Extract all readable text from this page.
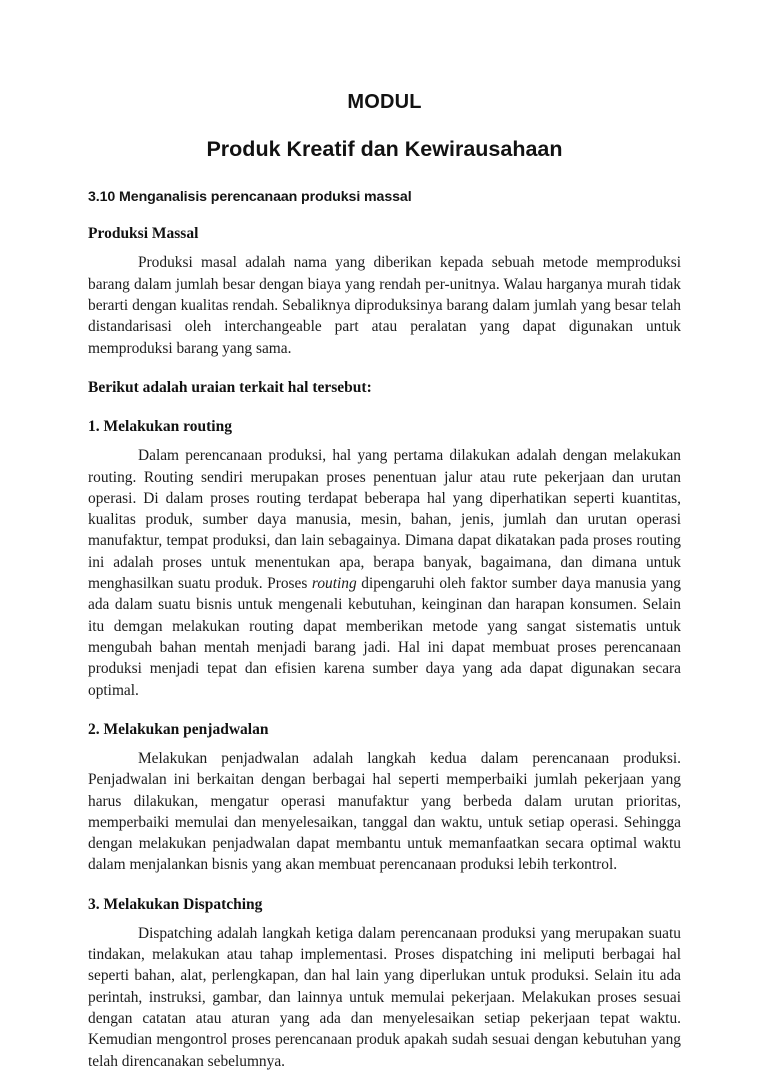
MODUL
Produk Kreatif dan Kewirausahaan
3.10 Menganalisis perencanaan produksi massal
Produksi Massal

Produksi masal adalah nama yang diberikan kepada sebuah metode memproduksi barang dalam jumlah besar dengan biaya yang rendah per-unitnya. Walau harganya murah tidak berarti dengan kualitas rendah. Sebaliknya diproduksinya barang dalam jumlah yang besar telah distandarisasi oleh interchangeable part atau peralatan yang dapat digunakan untuk memproduksi barang yang sama.

Berikut adalah uraian terkait hal tersebut:
1. Melakukan routing

Dalam perencanaan produksi, hal yang pertama dilakukan adalah dengan melakukan routing. Routing sendiri merupakan proses penentuan jalur atau rute pekerjaan dan urutan operasi. Di dalam proses routing terdapat beberapa hal yang diperhatikan seperti kuantitas, kualitas produk, sumber daya manusia, mesin, bahan, jenis, jumlah dan urutan operasi manufaktur, tempat produksi, dan lain sebagainya. Dimana dapat dikatakan pada proses routing ini adalah proses untuk menentukan apa, berapa banyak, bagaimana, dan dimana untuk menghasilkan suatu produk. Proses routing dipengaruhi oleh faktor sumber daya manusia yang ada dalam suatu bisnis untuk mengenali kebutuhan, keinginan dan harapan konsumen. Selain itu demgan melakukan routing dapat memberikan metode yang sangat sistematis untuk mengubah bahan mentah menjadi barang jadi. Hal ini dapat membuat proses perencanaan produksi menjadi tepat dan efisien karena sumber daya yang ada dapat digunakan secara optimal.

2. Melakukan penjadwalan

Melakukan penjadwalan adalah langkah kedua dalam perencanaan produksi. Penjadwalan ini berkaitan dengan berbagai hal seperti memperbaiki jumlah pekerjaan yang harus dilakukan, mengatur operasi manufaktur yang berbeda dalam urutan prioritas, memperbaiki memulai dan menyelesaikan, tanggal dan waktu, untuk setiap operasi. Sehingga dengan melakukan penjadwalan dapat membantu untuk memanfaatkan secara optimal waktu dalam menjalankan bisnis yang akan membuat perencanaan produksi lebih terkontrol.

3. Melakukan Dispatching

Dispatching adalah langkah ketiga dalam perencanaan produksi yang merupakan suatu tindakan, melakukan atau tahap implementasi. Proses dispatching ini meliputi berbagai hal seperti bahan, alat, perlengkapan, dan hal lain yang diperlukan untuk produksi. Selain itu ada perintah, instruksi, gambar, dan lainnya untuk memulai pekerjaan. Melakukan proses sesuai dengan catatan atau aturan yang ada dan menyelesaikan setiap pekerjaan tepat waktu. Kemudian mengontrol proses perencanaan produk apakah sudah sesuai dengan kebutuhan yang telah direncanakan sebelumnya.
